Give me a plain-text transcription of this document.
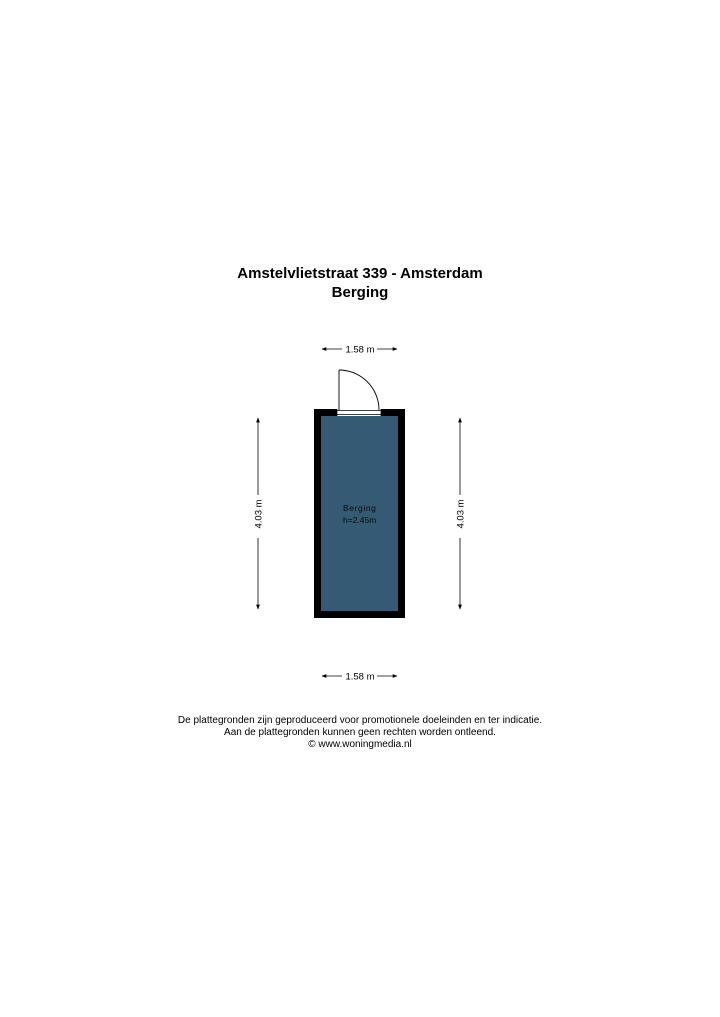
Amstelvlietstraat 339 - Amsterdam
Berging
1.58 m
1.58 m
4.03 m	4.03 m
Berging
h=2.45m
De plattegronden zijn geproduceerd voor promotionele doeleinden en ter indicatie.
Aan de plattegronden kunnen geen rechten worden ontleend.
© www.woningmedia.nl
